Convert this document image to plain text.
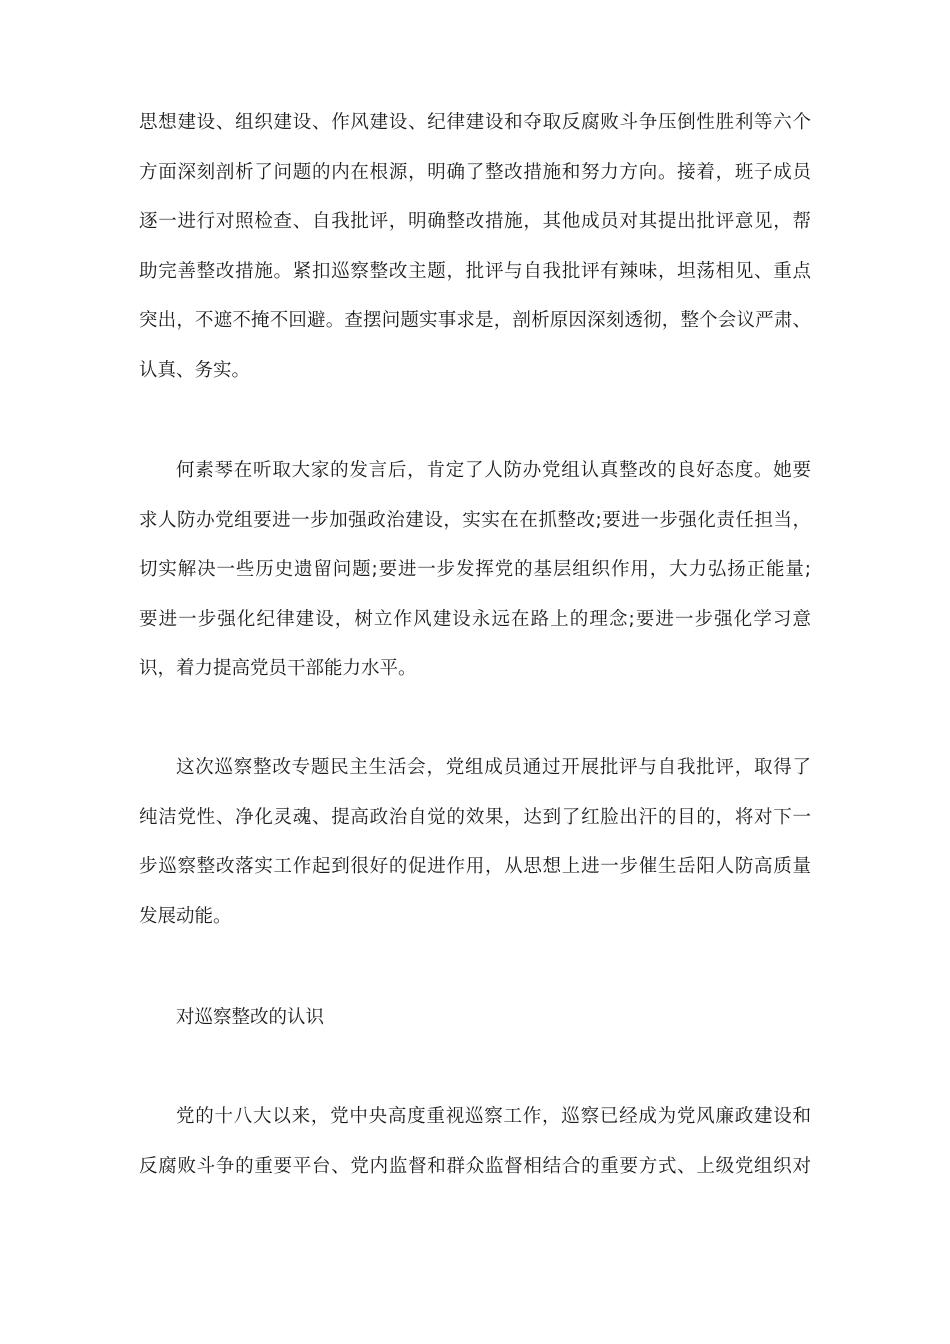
思想建设、组织建设、作风建设、纪律建设和夺取反腐败斗争压倒性胜利等六个
方面深刻剖析了问题的内在根源，明确了整改措施和努力方向。接着，班子成员
逐一进行对照检查、自我批评，明确整改措施，其他成员对其提出批评意见，帮
助完善整改措施。紧扣巡察整改主题，批评与自我批评有辣味，坦荡相见、重点
突出，不遮不掩不回避。查摆问题实事求是，剖析原因深刻透彻，整个会议严肃、
认真、务实。
何素琴在听取大家的发言后，肯定了人防办党组认真整改的良好态度。她要
求人防办党组要进一步加强政治建设，实实在在抓整改;要进一步强化责任担当，
切实解决一些历史遗留问题;要进一步发挥党的基层组织作用，大力弘扬正能量;
要进一步强化纪律建设，树立作风建设永远在路上的理念;要进一步强化学习意
识，着力提高党员干部能力水平。
这次巡察整改专题民主生活会，党组成员通过开展批评与自我批评，取得了
纯洁党性、净化灵魂、提高政治自觉的效果，达到了红脸出汗的目的，将对下一
步巡察整改落实工作起到很好的促进作用，从思想上进一步催生岳阳人防高质量
发展动能。
对巡察整改的认识
党的十八大以来，党中央高度重视巡察工作，巡察已经成为党风廉政建设和
反腐败斗争的重要平台、党内监督和群众监督相结合的重要方式、上级党组织对
